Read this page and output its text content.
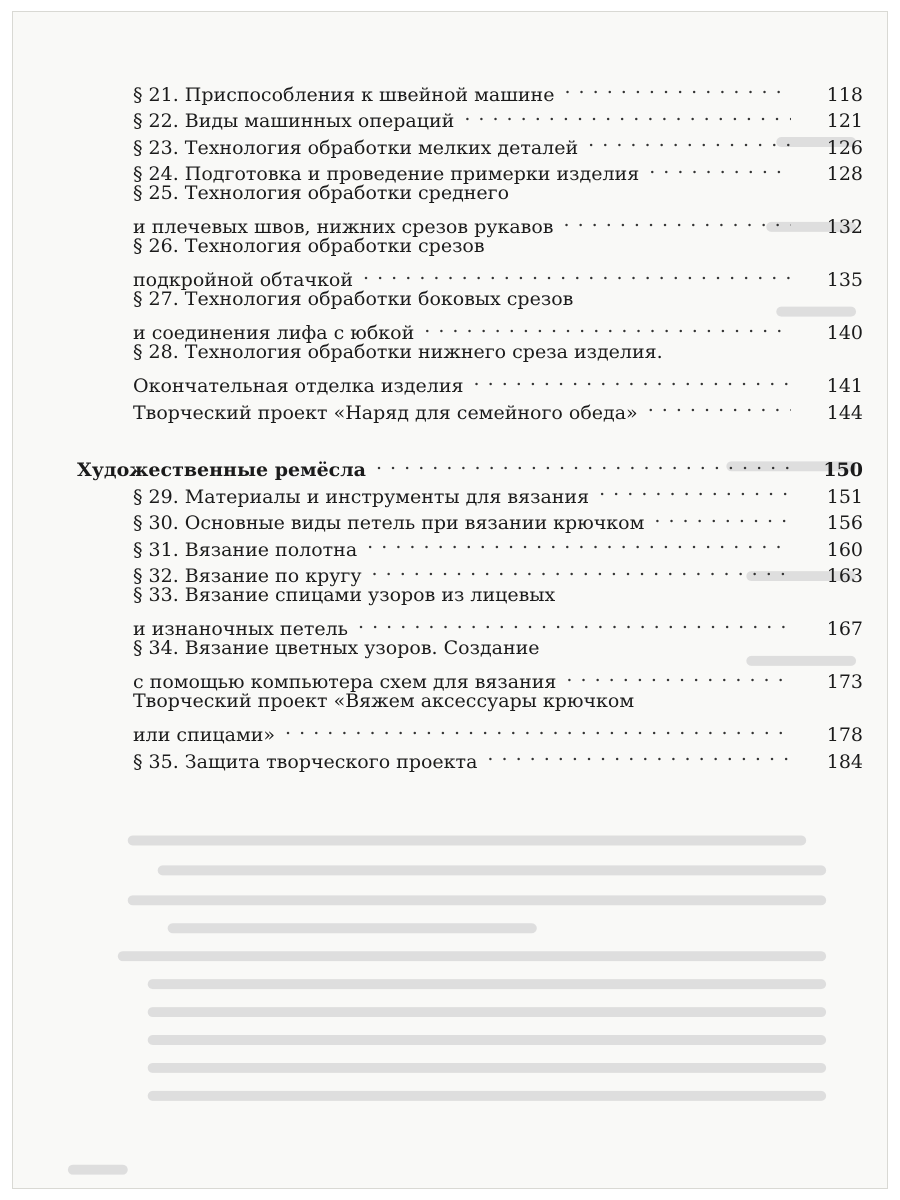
§ 21. Приспособления к швейной машине . . .	118
§ 22. Виды машинных операций . . .	121
§ 23. Технология обработки мелких деталей . . .	126
§ 24. Подготовка и проведение примерки изделия . . .	128
§ 25. Технология обработки среднего
и плечевых швов, нижних срезов рукавов . . .	132
§ 26. Технология обработки срезов
подкройной обтачкой . . .	135
§ 27. Технология обработки боковых срезов
и соединения лифа с юбкой . . .	140
§ 28. Технология обработки нижнего среза изделия.
Окончательная отделка изделия . . .	141
Творческий проект «Наряд для семейного обеда» . . .	144
Художественные ремёсла . . .	150
§ 29. Материалы и инструменты для вязания . . .	151
§ 30. Основные виды петель при вязании крючком . . .	156
§ 31. Вязание полотна . . .	160
§ 32. Вязание по кругу . . .	163
§ 33. Вязание спицами узоров из лицевых
и изнаночных петель . . .	167
§ 34. Вязание цветных узоров. Создание
с помощью компьютера схем для вязания . . .	173
Творческий проект «Вяжем аксессуары крючком
или спицами» . . .	178
§ 35. Защита творческого проекта . . .	184
